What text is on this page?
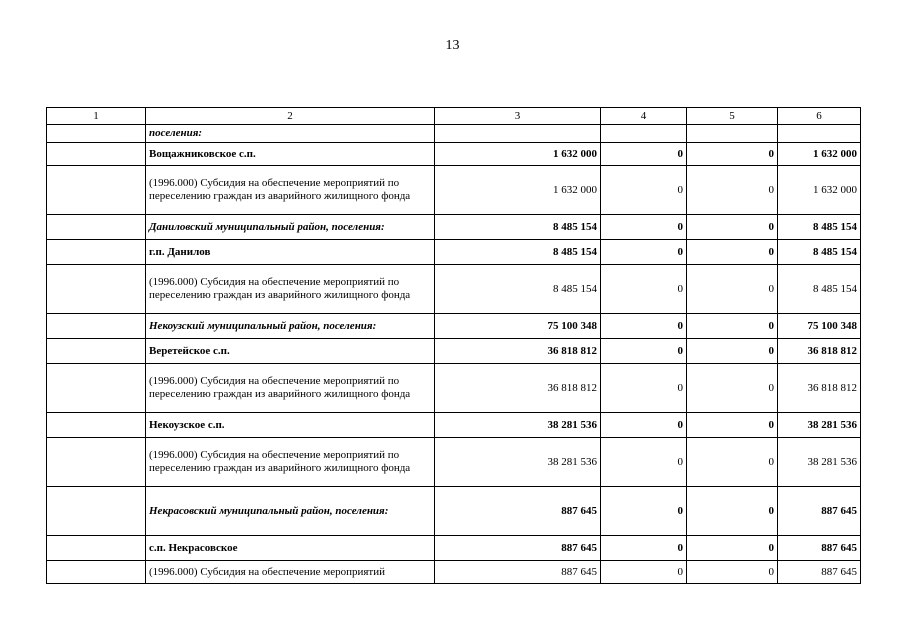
13
1	2	3	4	5	6
	поселения:				
	Вощажниковское с.п.	1 632 000	0	0	1 632 000
	(1996.000) Субсидия на обеспечение мероприятий по переселению граждан из аварийного жилищного фонда	1 632 000	0	0	1 632 000
	Даниловский муниципальный район, поселения:	8 485 154	0	0	8 485 154
	г.п. Данилов	8 485 154	0	0	8 485 154
	(1996.000) Субсидия на обеспечение мероприятий по переселению граждан из аварийного жилищного фонда	8 485 154	0	0	8 485 154
	Некоузский муниципальный район, поселения:	75 100 348	0	0	75 100 348
	Веретейское с.п.	36 818 812	0	0	36 818 812
	(1996.000) Субсидия на обеспечение мероприятий по переселению граждан из аварийного жилищного фонда	36 818 812	0	0	36 818 812
	Некоузское с.п.	38 281 536	0	0	38 281 536
	(1996.000) Субсидия на обеспечение мероприятий по переселению граждан из аварийного жилищного фонда	38 281 536	0	0	38 281 536
	Некрасовский муниципальный район, поселения:	887 645	0	0	887 645
	с.п. Некрасовское	887 645	0	0	887 645
	(1996.000) Субсидия на обеспечение мероприятий	887 645	0	0	887 645
